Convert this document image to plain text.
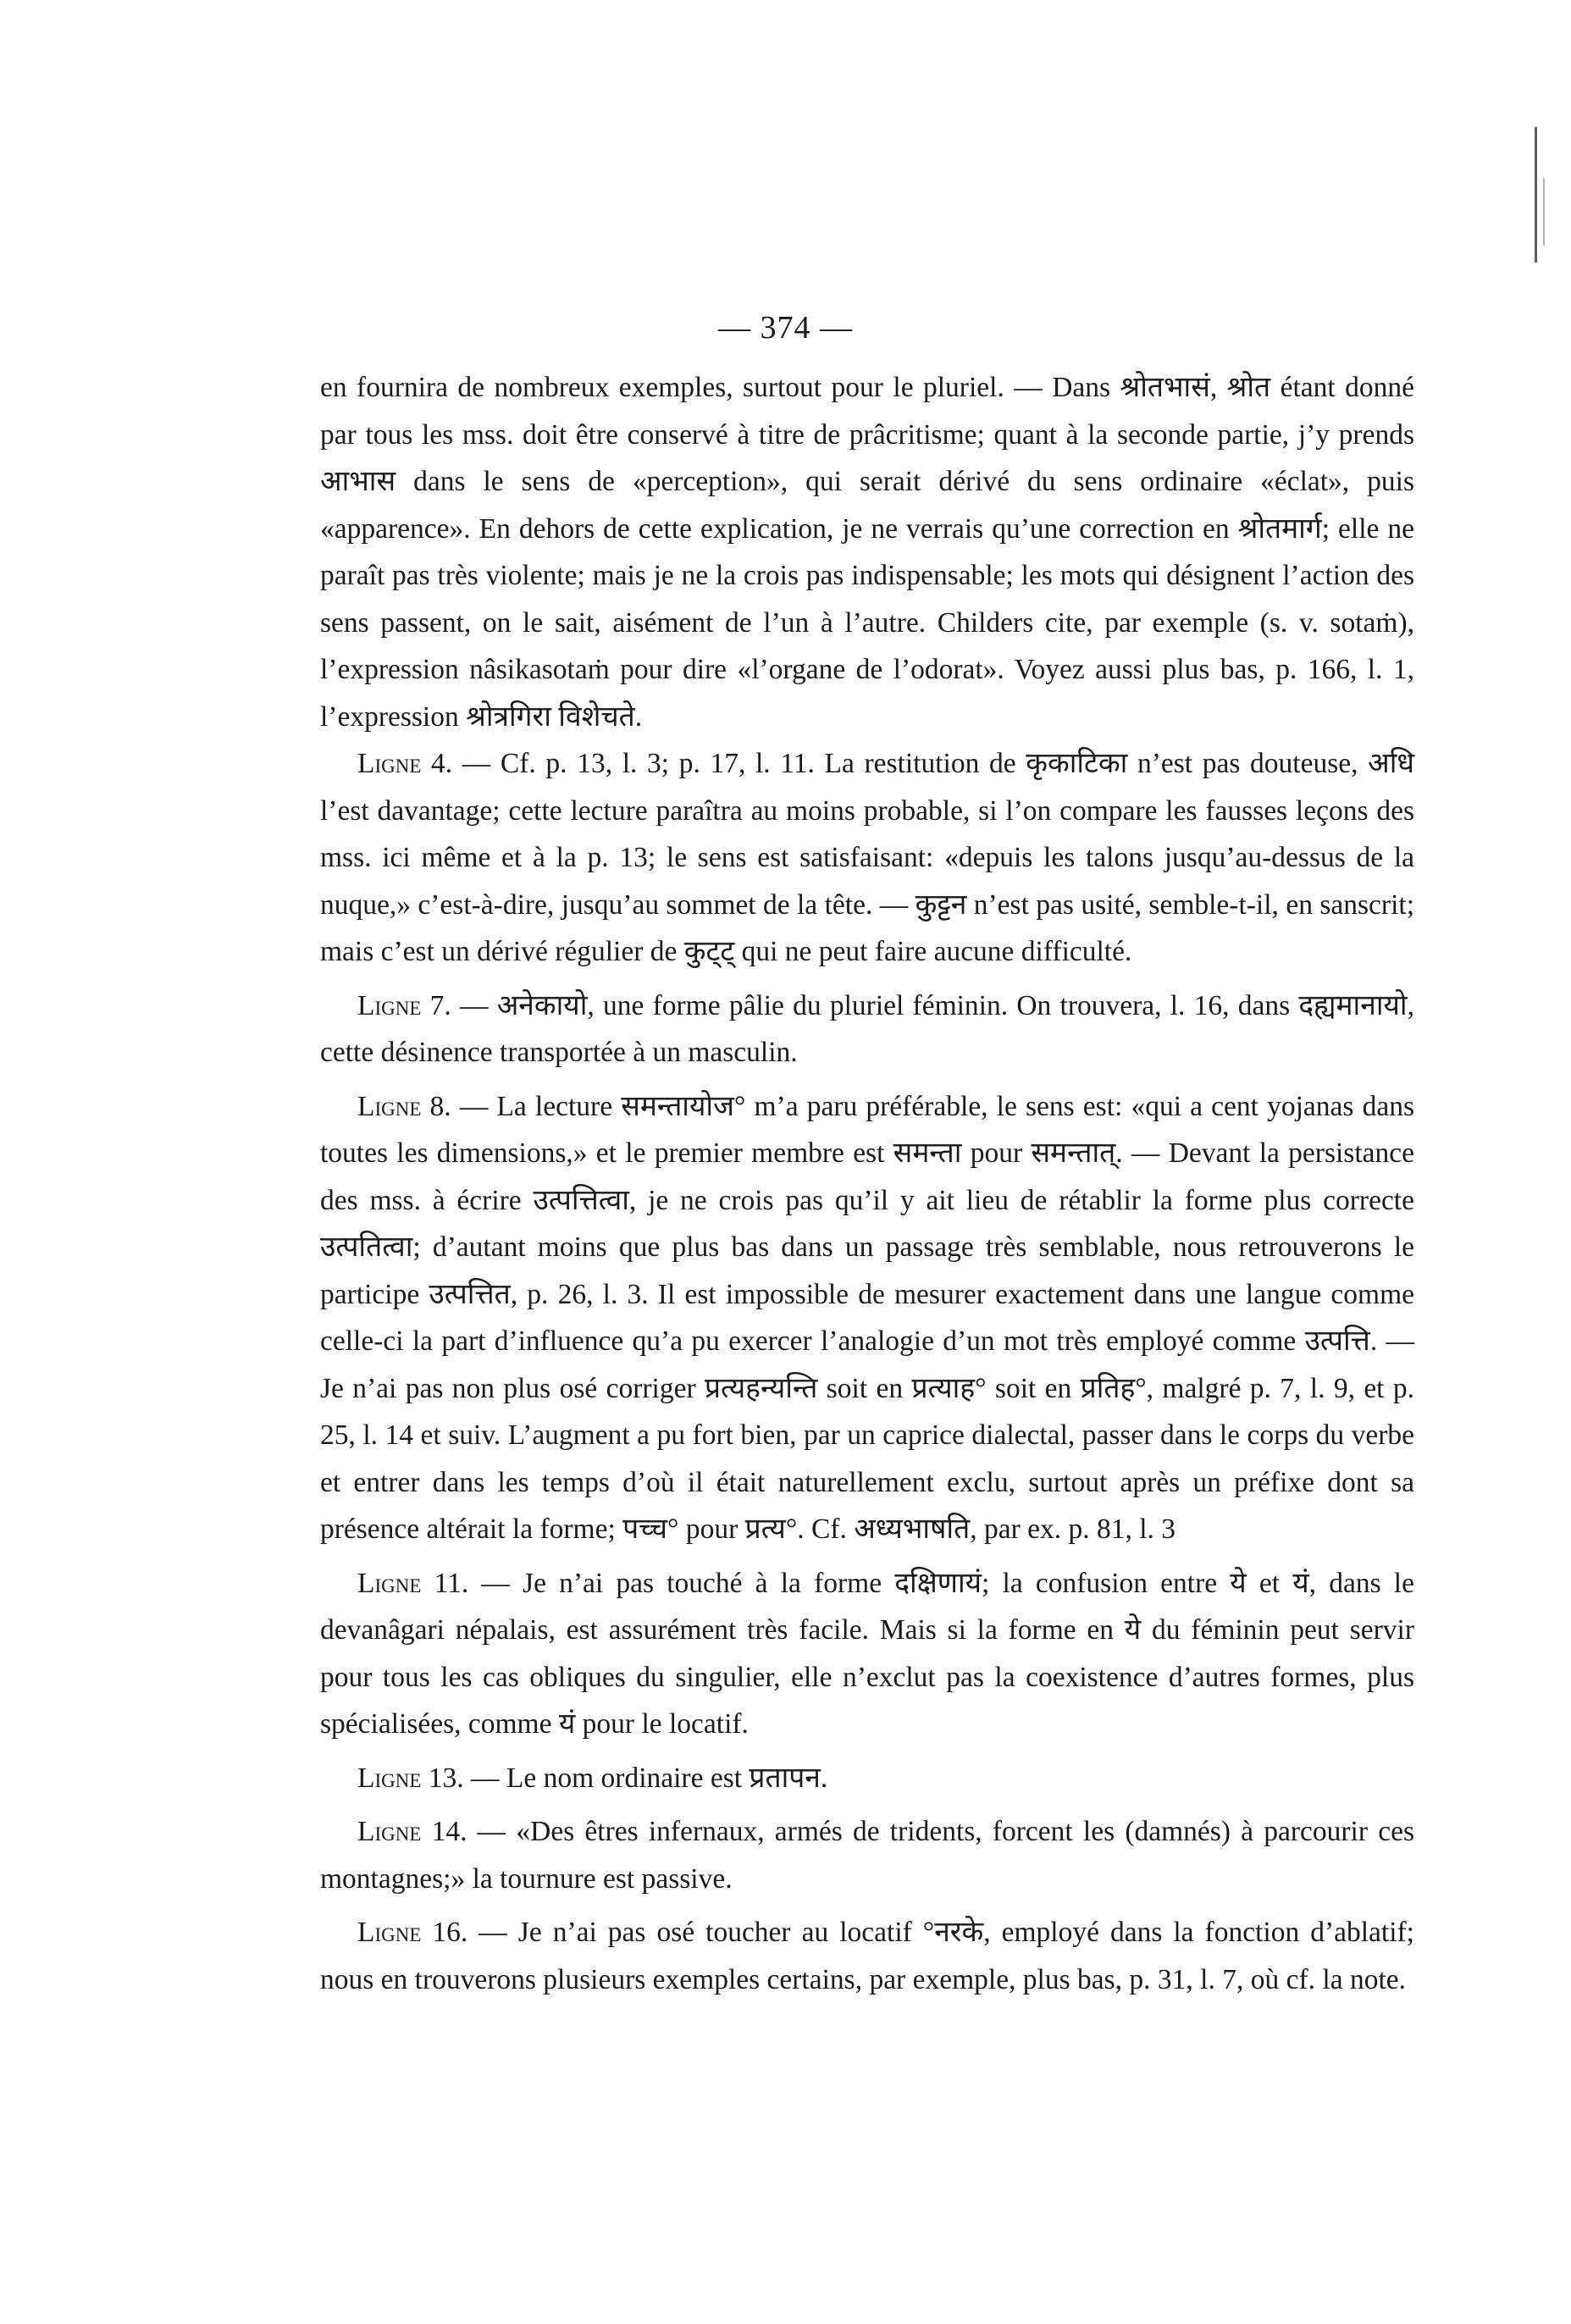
— 374 —

en fournira de nombreux exemples, surtout pour le pluriel. — Dans श्रोतभासं, श्रोत étant donné par tous les mss. doit être conservé à titre de prâcritisme; quant à la seconde partie, j’y prends आभास dans le sens de «perception», qui serait dérivé du sens ordinaire «éclat», puis «apparence». En dehors de cette explication, je ne verrais qu’une correction en श्रोतमार्ग; elle ne paraît pas très violente; mais je ne la crois pas indispensable; les mots qui désignent l’action des sens passent, on le sait, aisément de l’un à l’autre. Childers cite, par exemple (s. v. sotaṁ), l’expression nâsikasotaṁ pour dire «l’organe de l’odorat». Voyez aussi plus bas, p. 166, l. 1, l’expression श्रोत्रगिरा विशेचते.

Ligne 4. — Cf. p. 13, l. 3; p. 17, l. 11. La restitution de कृकाटिका n’est pas douteuse, अधि l’est davantage; cette lecture paraîtra au moins probable, si l’on compare les fausses leçons des mss. ici même et à la p. 13; le sens est satisfaisant: «depuis les talons jusqu’au-dessus de la nuque,» c’est-à-dire, jusqu’au sommet de la tête. — कुट्टन n’est pas usité, semble-t-il, en sanscrit; mais c’est un dérivé régulier de कुट्ट् qui ne peut faire aucune difficulté.

Ligne 7. — अनेकायो, une forme pâlie du pluriel féminin. On trouvera, l. 16, dans दह्यमानायो, cette désinence transportée à un masculin.

Ligne 8. — La lecture समन्तायोज° m’a paru préférable, le sens est: «qui a cent yojanas dans toutes les dimensions,» et le premier membre est समन्ता pour समन्तात्. — Devant la persistance des mss. à écrire उत्पत्तित्वा, je ne crois pas qu’il y ait lieu de rétablir la forme plus correcte उत्पतित्वा; d’autant moins que plus bas dans un passage très semblable, nous retrouverons le participe उत्पत्तित, p. 26, l. 3. Il est impossible de mesurer exactement dans une langue comme celle-ci la part d’influence qu’a pu exercer l’analogie d’un mot très employé comme उत्पत्ति. — Je n’ai pas non plus osé corriger प्रत्यहन्यन्ति soit en प्रत्याह° soit en प्रतिह°, malgré p. 7, l. 9, et p. 25, l. 14 et suiv. L’augment a pu fort bien, par un caprice dialectal, passer dans le corps du verbe et entrer dans les temps d’où il était naturellement exclu, surtout après un préfixe dont sa présence altérait la forme; पच्च° pour प्रत्य°. Cf. अध्यभाषति, par ex. p. 81, l. 3

Ligne 11. — Je n’ai pas touché à la forme दक्षिणायं; la confusion entre ये et यं, dans le devanâgari népalais, est assurément très facile. Mais si la forme en ये du féminin peut servir pour tous les cas obliques du singulier, elle n’exclut pas la coexistence d’autres formes, plus spécialisées, comme यं pour le locatif.

Ligne 13. — Le nom ordinaire est प्रतापन.

Ligne 14. — «Des êtres infernaux, armés de tridents, forcent les (damnés) à parcourir ces montagnes;» la tournure est passive.

Ligne 16. — Je n’ai pas osé toucher au locatif °नरके, employé dans la fonction d’ablatif; nous en trouverons plusieurs exemples certains, par exemple, plus bas, p. 31, l. 7, où cf. la note.
